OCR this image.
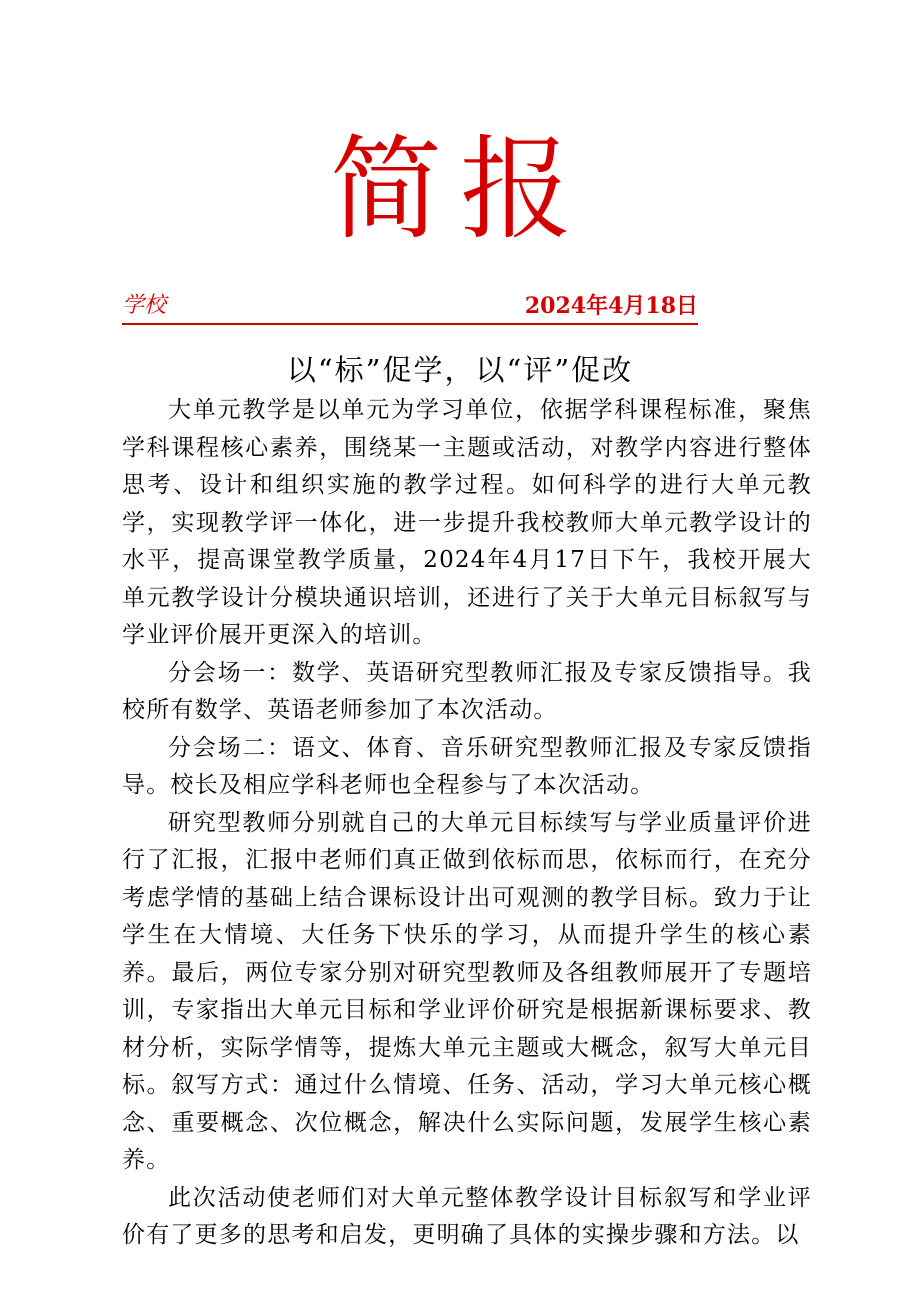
简报
学校	2024年4月18日
以“标”促学，以“评”促改

大单元教学是以单元为学习单位，依据学科课程标准，聚焦学科课程核心素养，围绕某一主题或活动，对教学内容进行整体思考、设计和组织实施的教学过程。如何科学的进行大单元教学，实现教学评一体化，进一步提升我校教师大单元教学设计的水平，提高课堂教学质量，2024年4月17日下午，我校开展大单元教学设计分模块通识培训，还进行了关于大单元目标叙写与学业评价展开更深入的培训。

分会场一：数学、英语研究型教师汇报及专家反馈指导。我校所有数学、英语老师参加了本次活动。

分会场二：语文、体育、音乐研究型教师汇报及专家反馈指导。校长及相应学科老师也全程参与了本次活动。

研究型教师分别就自己的大单元目标续写与学业质量评价进行了汇报，汇报中老师们真正做到依标而思，依标而行，在充分考虑学情的基础上结合课标设计出可观测的教学目标。致力于让学生在大情境、大任务下快乐的学习，从而提升学生的核心素养。最后，两位专家分别对研究型教师及各组教师展开了专题培训，专家指出大单元目标和学业评价研究是根据新课标要求、教材分析，实际学情等，提炼大单元主题或大概念，叙写大单元目标。叙写方式：通过什么情境、任务、活动，学习大单元核心概念、重要概念、次位概念，解决什么实际问题，发展学生核心素养。

此次活动使老师们对大单元整体教学设计目标叙写和学业评价有了更多的思考和启发，更明确了具体的实操步骤和方法。以
